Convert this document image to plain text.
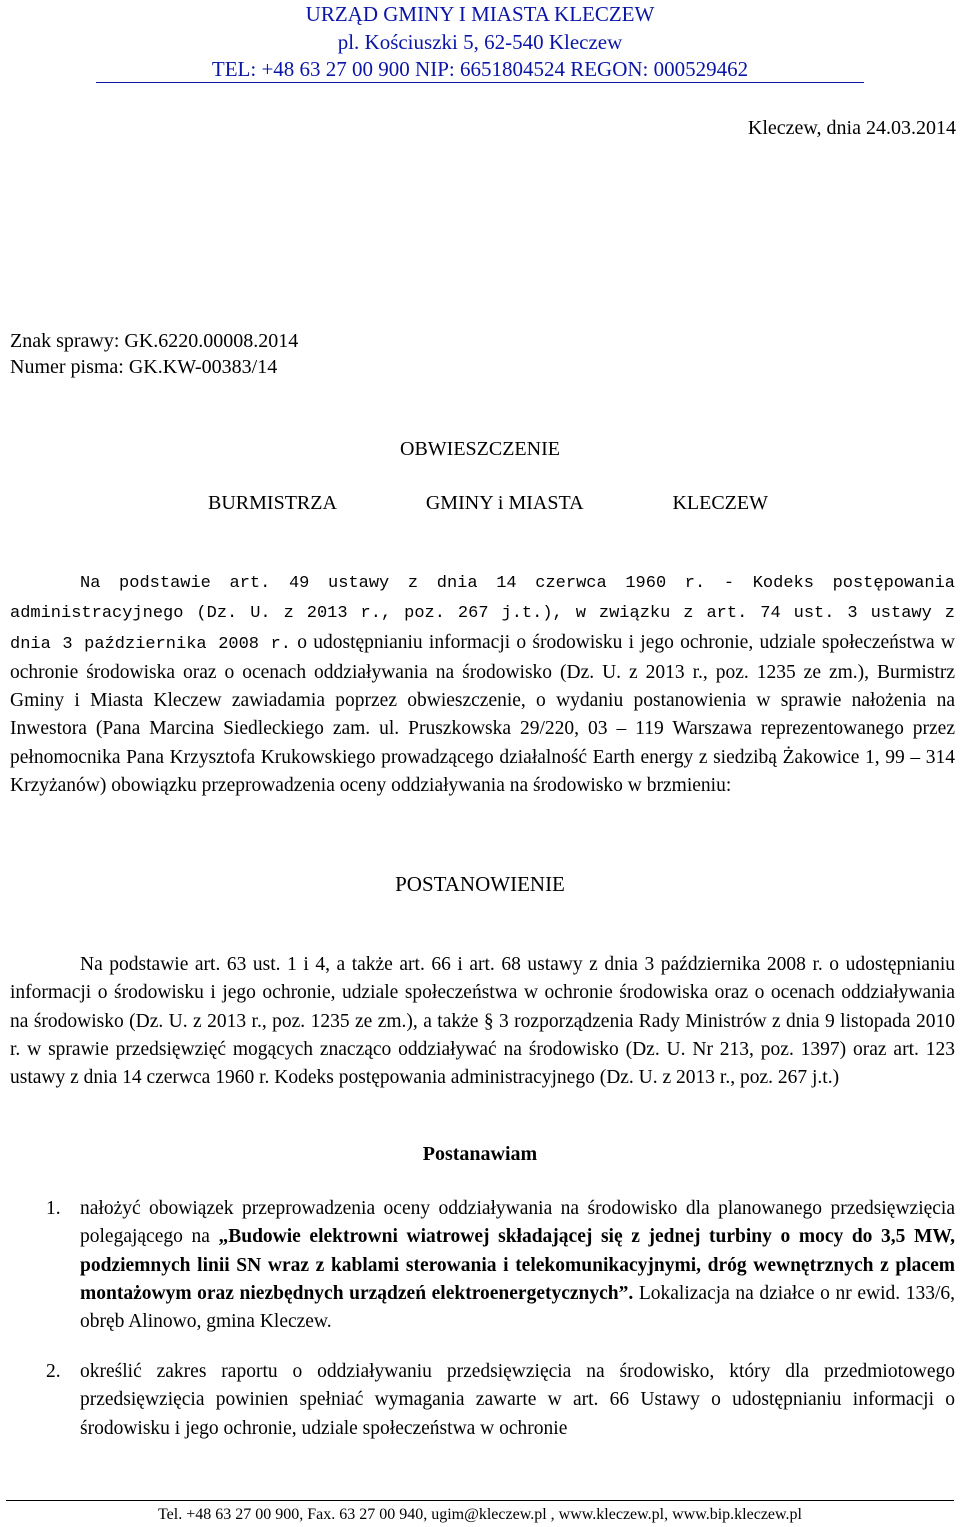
URZĄD GMINY I MIASTA KLECZEW
pl. Kościuszki 5, 62-540 Kleczew
TEL: +48 63 27 00 900 NIP: 6651804524 REGON: 000529462
Kleczew, dnia 24.03.2014
Znak sprawy: GK.6220.00008.2014
Numer pisma: GK.KW-00383/14
OBWIESZCZENIE
BURMISTRZA	GMINY i MIASTA	KLECZEW
Na podstawie art. 49 ustawy z dnia 14 czerwca 1960 r. - Kodeks postępowania administracyjnego (Dz. U. z 2013 r., poz. 267 j.t.), w związku z art. 74 ust. 3 ustawy z dnia 3 października 2008 r. o udostępnianiu informacji o środowisku i jego ochronie, udziale społeczeństwa w ochronie środowiska oraz o ocenach oddziaływania na środowisko (Dz. U. z 2013 r., poz. 1235 ze zm.), Burmistrz Gminy i Miasta Kleczew zawiadamia poprzez obwieszczenie, o wydaniu postanowienia w sprawie nałożenia na Inwestora (Pana Marcina Siedleckiego zam. ul. Pruszkowska 29/220, 03 – 119 Warszawa reprezentowanego przez pełnomocnika Pana Krzysztofa Krukowskiego prowadzącego działalność Earth energy z siedzibą Żakowice 1, 99 – 314 Krzyżanów) obowiązku przeprowadzenia oceny oddziaływania na środowisko w brzmieniu:
POSTANOWIENIE
Na podstawie art. 63 ust. 1 i 4, a także art. 66 i art. 68 ustawy z dnia 3 października 2008 r. o udostępnianiu informacji o środowisku i jego ochronie, udziale społeczeństwa w ochronie środowiska oraz o ocenach oddziaływania na środowisko (Dz. U. z 2013 r., poz. 1235 ze zm.), a także § 3 rozporządzenia Rady Ministrów z dnia 9 listopada 2010 r. w sprawie przedsięwzięć mogących znacząco oddziaływać na środowisko (Dz. U. Nr 213, poz. 1397) oraz art. 123 ustawy z dnia 14 czerwca 1960 r. Kodeks postępowania administracyjnego (Dz. U. z 2013 r., poz. 267 j.t.)
Postanawiam
1. nałożyć obowiązek przeprowadzenia oceny oddziaływania na środowisko dla planowanego przedsięwzięcia polegającego na „Budowie elektrowni wiatrowej składającej się z jednej turbiny o mocy do 3,5 MW, podziemnych linii SN wraz z kablami sterowania i telekomunikacyjnymi, dróg wewnętrznych z placem montażowym oraz niezbędnych urządzeń elektroenergetycznych”. Lokalizacja na działce o nr ewid. 133/6, obręb Alinowo, gmina Kleczew.
2. określić zakres raportu o oddziaływaniu przedsięwzięcia na środowisko, który dla przedmiotowego przedsięwzięcia powinien spełniać wymagania zawarte w art. 66 Ustawy o udostępnianiu informacji o środowisku i jego ochronie, udziale społeczeństwa w ochronie
Tel. +48 63 27 00 900, Fax. 63 27 00 940, ugim@kleczew.pl , www.kleczew.pl, www.bip.kleczew.pl
